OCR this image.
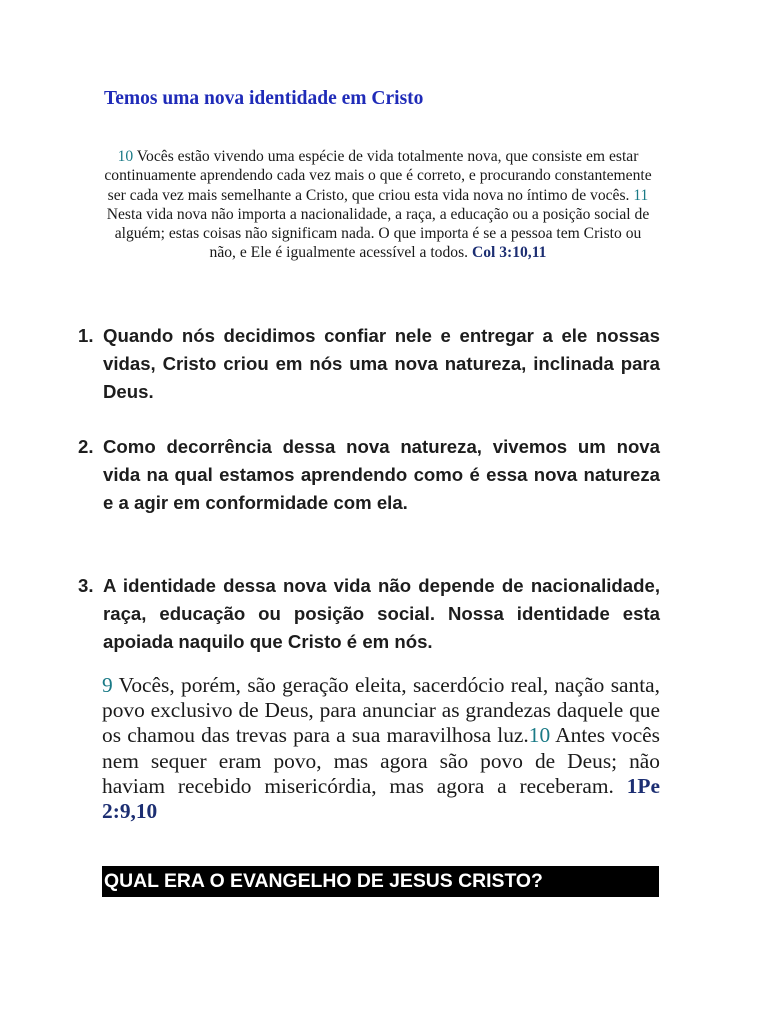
Temos uma nova identidade em Cristo
10 Vocês estão vivendo uma espécie de vida totalmente nova, que consiste em estar continuamente aprendendo cada vez mais o que é correto, e procurando constantemente ser cada vez mais semelhante a Cristo, que criou esta vida nova no íntimo de vocês. 11 Nesta vida nova não importa a nacionalidade, a raça, a educação ou a posição social de alguém; estas coisas não significam nada. O que importa é se a pessoa tem Cristo ou não, e Ele é igualmente acessível a todos. Col 3:10,11
1. Quando nós decidimos confiar nele e entregar a ele nossas vidas, Cristo criou em nós uma nova natureza, inclinada para Deus.
2. Como decorrência dessa nova natureza, vivemos um nova vida na qual estamos aprendendo como é essa nova natureza e a agir em conformidade com ela.
3. A identidade dessa nova vida não depende de nacionalidade, raça, educação ou posição social. Nossa identidade esta apoiada naquilo que Cristo é em nós.
9 Vocês, porém, são geração eleita, sacerdócio real, nação santa, povo exclusivo de Deus, para anunciar as grandezas daquele que os chamou das trevas para a sua maravilhosa luz.10 Antes vocês nem sequer eram povo, mas agora são povo de Deus; não haviam recebido misericórdia, mas agora a receberam. 1Pe 2:9,10
QUAL ERA O EVANGELHO DE JESUS CRISTO?
